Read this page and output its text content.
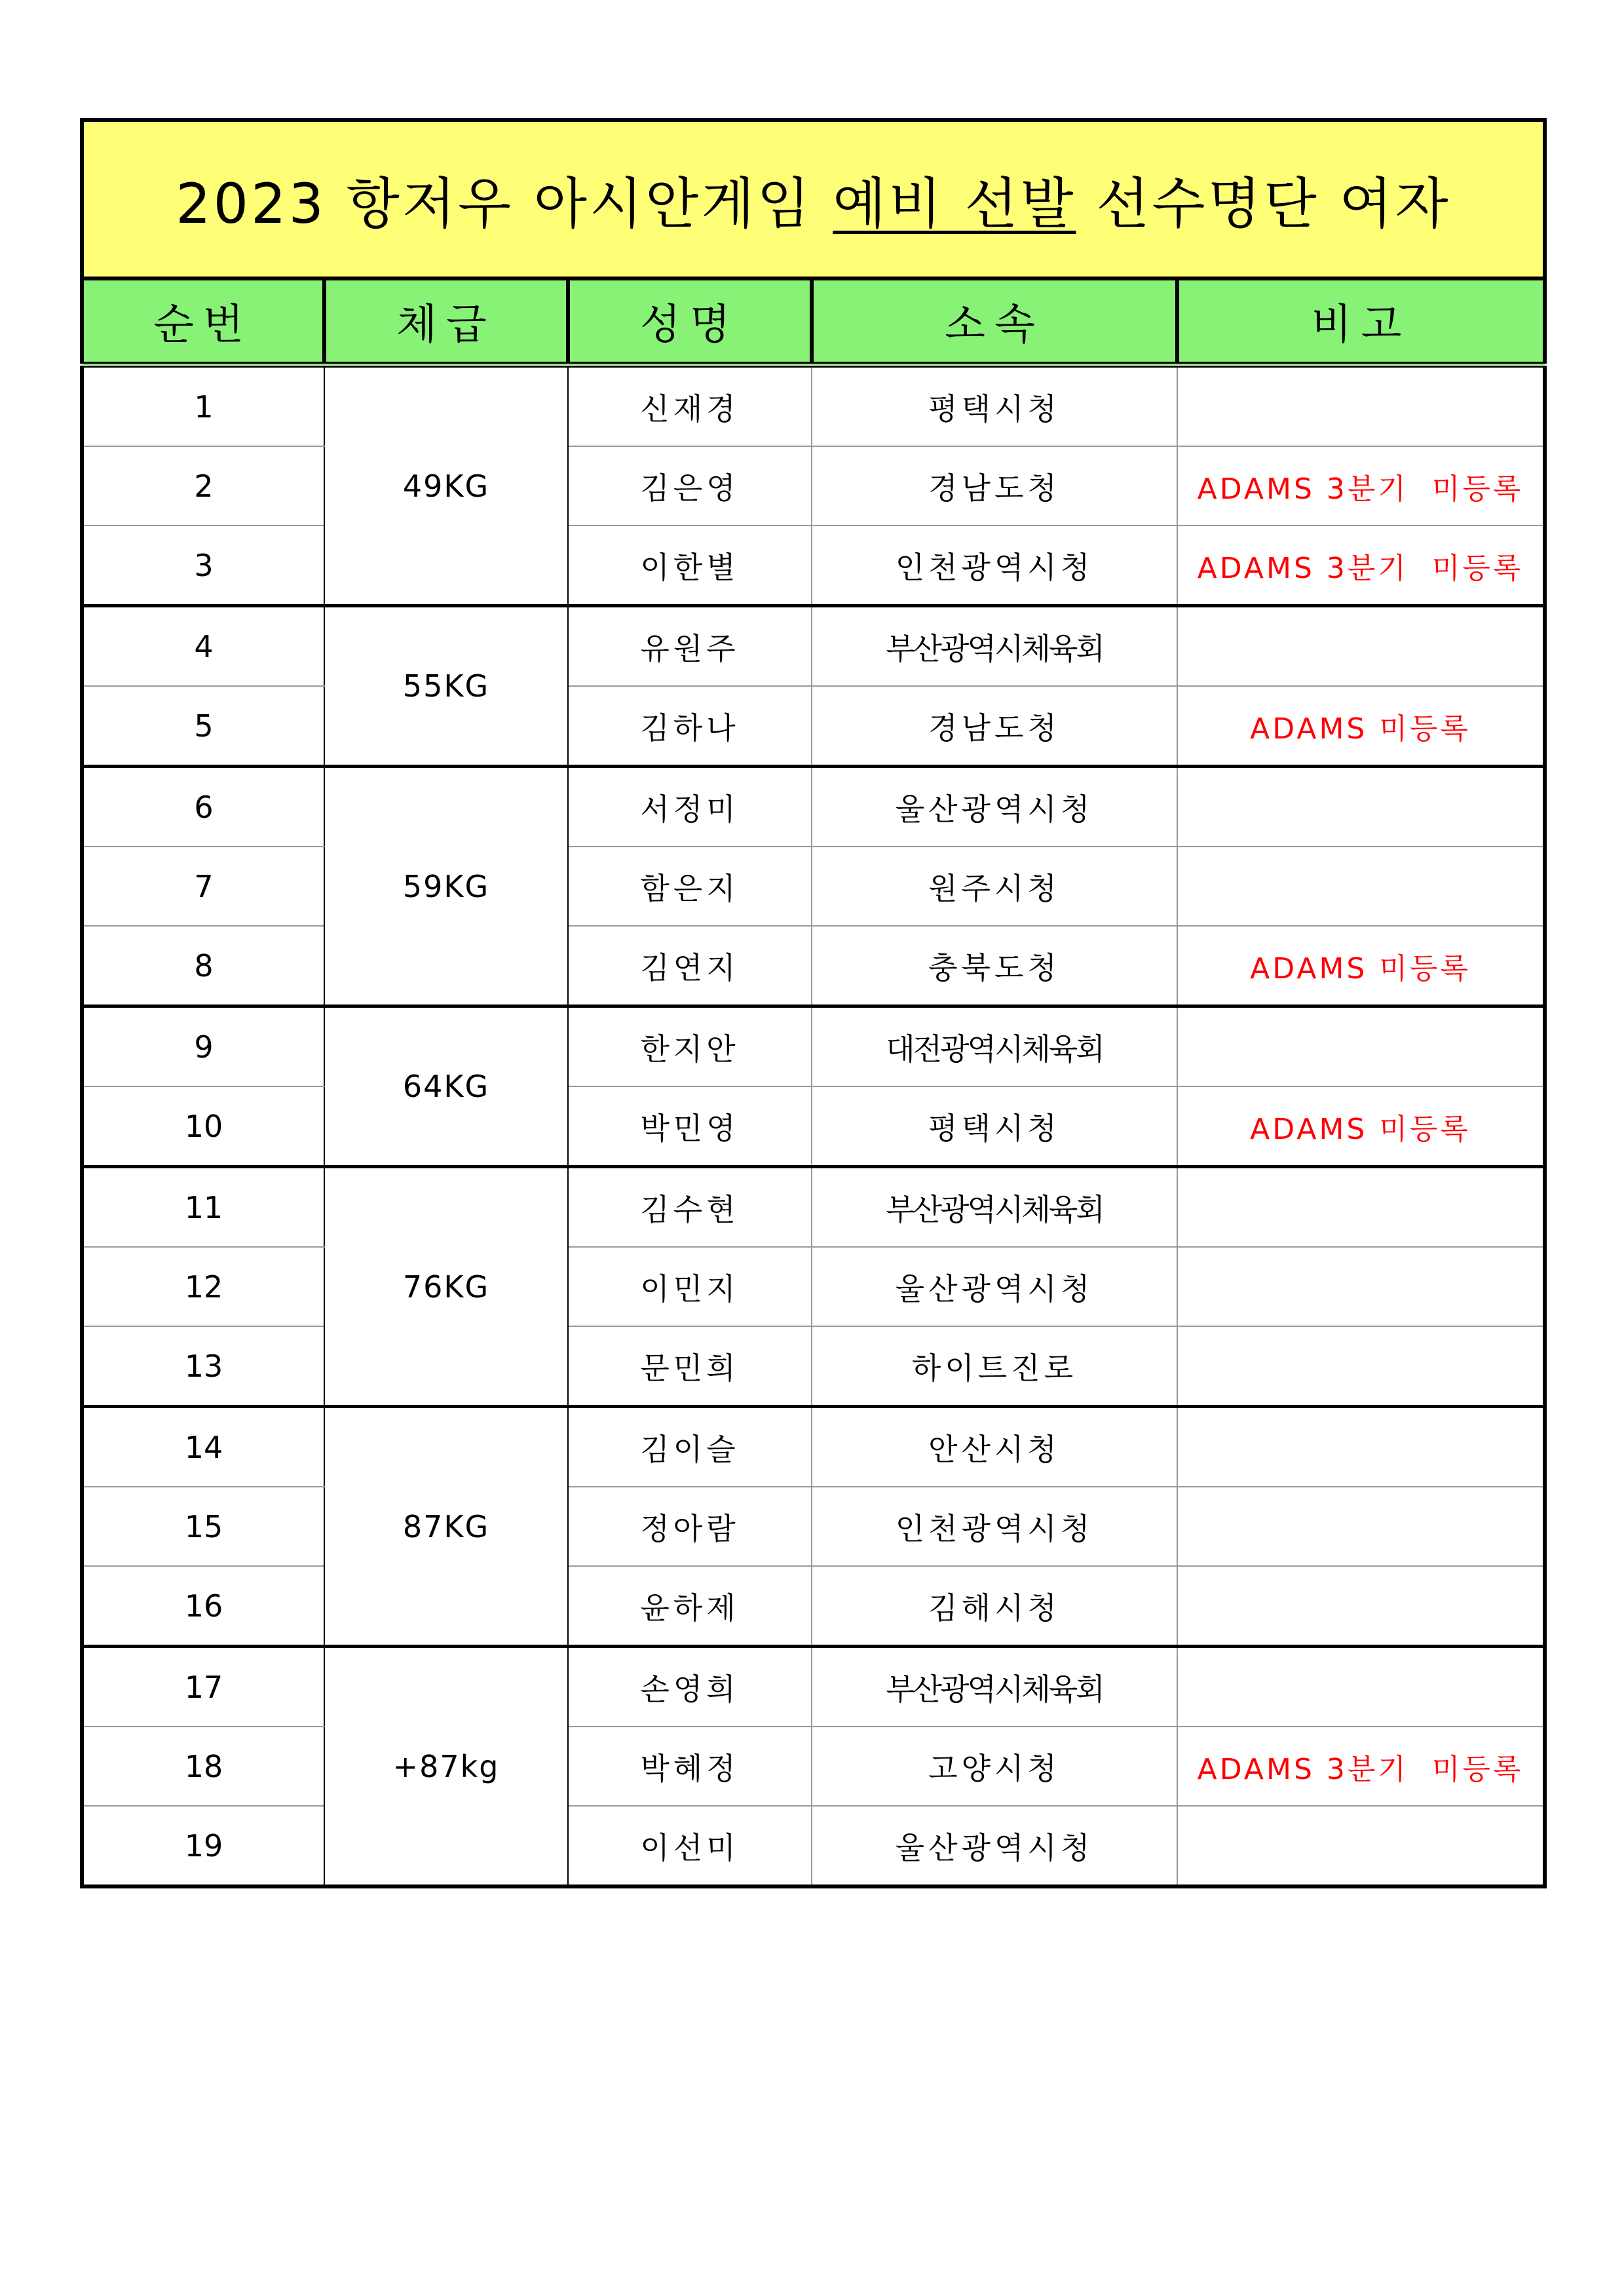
2023 항저우 아시안게임 예비 선발 선수명단 여자				
순번	체급	성명	소속	비고
1	49KG	신재경	평택시청	
2		김은영	경남도청	ADAMS 3분기  미등록
3		이한별	인천광역시청	ADAMS 3분기  미등록
4	55KG	유원주	부산광역시체육회	
5		김하나	경남도청	ADAMS 미등록
6	59KG	서정미	울산광역시청	
7		함은지	원주시청	
8		김연지	충북도청	ADAMS 미등록
9	64KG	한지안	대전광역시체육회	
10		박민영	평택시청	ADAMS 미등록
11	76KG	김수현	부산광역시체육회	
12		이민지	울산광역시청	
13		문민희	하이트진로	
14	87KG	김이슬	안산시청	
15		정아람	인천광역시청	
16		윤하제	김해시청	
17	+87kg	손영희	부산광역시체육회	
18		박혜정	고양시청	ADAMS 3분기  미등록
19		이선미	울산광역시청	
